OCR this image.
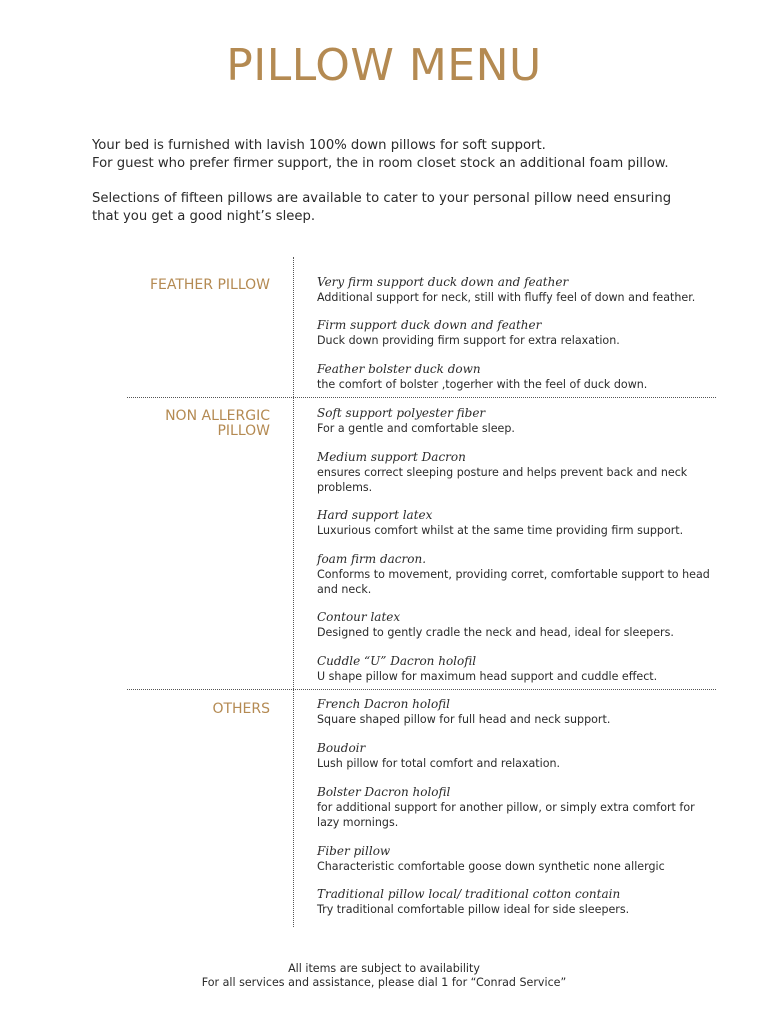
PILLOW MENU

Your bed is furnished with lavish 100% down pillows for soft support.

For guest who prefer firmer support, the in room closet stock an additional foam pillow.

Selections of fifteen pillows are available to cater to your personal pillow need ensuring

that you get a good night’s sleep.

FEATHER PILLOW
NON ALLERGIC
PILLOW
OTHERS
Very firm support duck down and feather
Additional support for neck, still with fluffy feel of down and feather.
Firm support duck down and feather
Duck down providing firm support for extra relaxation.
Feather bolster duck down
the comfort of bolster ,togerher with the feel of duck down.
Soft support polyester fiber
For a gentle and comfortable sleep.
Medium support Dacron
ensures correct sleeping posture and helps prevent back and neck problems.
Hard support latex
Luxurious comfort whilst at the same time providing firm support.
foam firm dacron.
Conforms to movement, providing corret, comfortable support to head and neck.
Contour latex
Designed to gently cradle the neck and head, ideal for sleepers.
Cuddle “U” Dacron holofil
U shape pillow for maximum head support and cuddle effect.
French Dacron holofil
Square shaped pillow for full head and neck support.
Boudoir
Lush pillow for total comfort and relaxation.
Bolster Dacron holofil
for additional support for another pillow, or simply extra comfort for lazy mornings.
Fiber pillow
Characteristic comfortable goose down synthetic none allergic
Traditional pillow local/ traditional cotton contain
Try traditional comfortable pillow ideal for side sleepers.
All items are subject to availability
For all services and assistance, please dial 1 for “Conrad Service”
